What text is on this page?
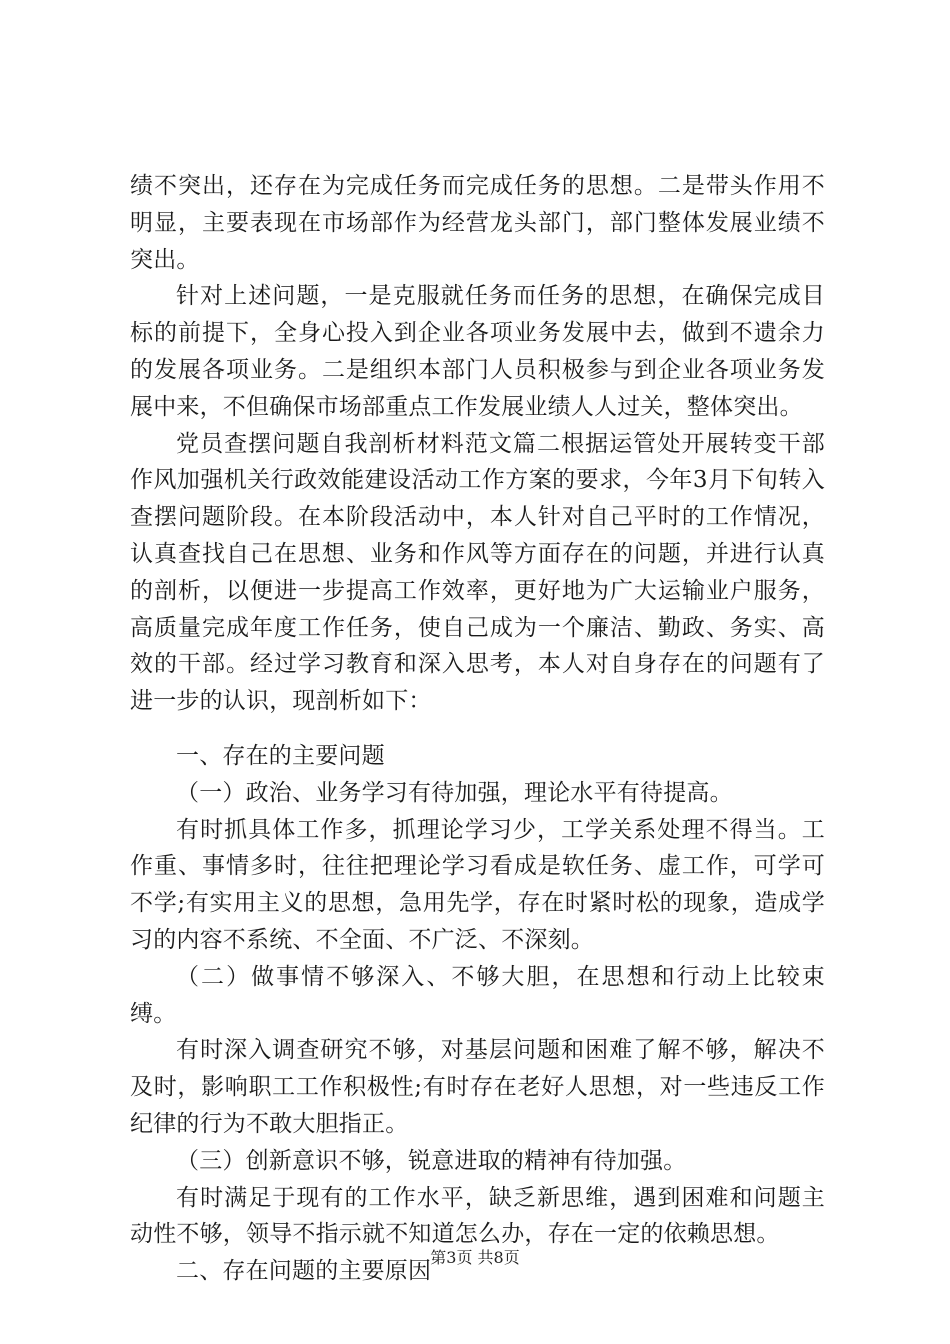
绩不突出，还存在为完成任务而完成任务的思想。二是带头作用不明显，主要表现在市场部作为经营龙头部门，部门整体发展业绩不突出。

针对上述问题，一是克服就任务而任务的思想，在确保完成目标的前提下，全身心投入到企业各项业务发展中去，做到不遗余力的发展各项业务。二是组织本部门人员积极参与到企业各项业务发展中来，不但确保市场部重点工作发展业绩人人过关，整体突出。

党员查摆问题自我剖析材料范文篇二根据运管处开展转变干部作风加强机关行政效能建设活动工作方案的要求，今年3月下旬转入查摆问题阶段。在本阶段活动中，本人针对自己平时的工作情况，认真查找自己在思想、业务和作风等方面存在的问题，并进行认真的剖析，以便进一步提高工作效率，更好地为广大运输业户服务，高质量完成年度工作任务，使自己成为一个廉洁、勤政、务实、高效的干部。经过学习教育和深入思考，本人对自身存在的问题有了进一步的认识，现剖析如下：

一、存在的主要问题

（一）政治、业务学习有待加强，理论水平有待提高。

有时抓具体工作多，抓理论学习少，工学关系处理不得当。工作重、事情多时，往往把理论学习看成是软任务、虚工作，可学可不学;有实用主义的思想，急用先学，存在时紧时松的现象，造成学习的内容不系统、不全面、不广泛、不深刻。

（二）做事情不够深入、不够大胆，在思想和行动上比较束缚。

有时深入调查研究不够，对基层问题和困难了解不够，解决不及时，影响职工工作积极性;有时存在老好人思想，对一些违反工作纪律的行为不敢大胆指正。

（三）创新意识不够，锐意进取的精神有待加强。

有时满足于现有的工作水平，缺乏新思维，遇到困难和问题主动性不够，领导不指示就不知道怎么办，存在一定的依赖思想。

二、存在问题的主要原因

第3页 共8页
